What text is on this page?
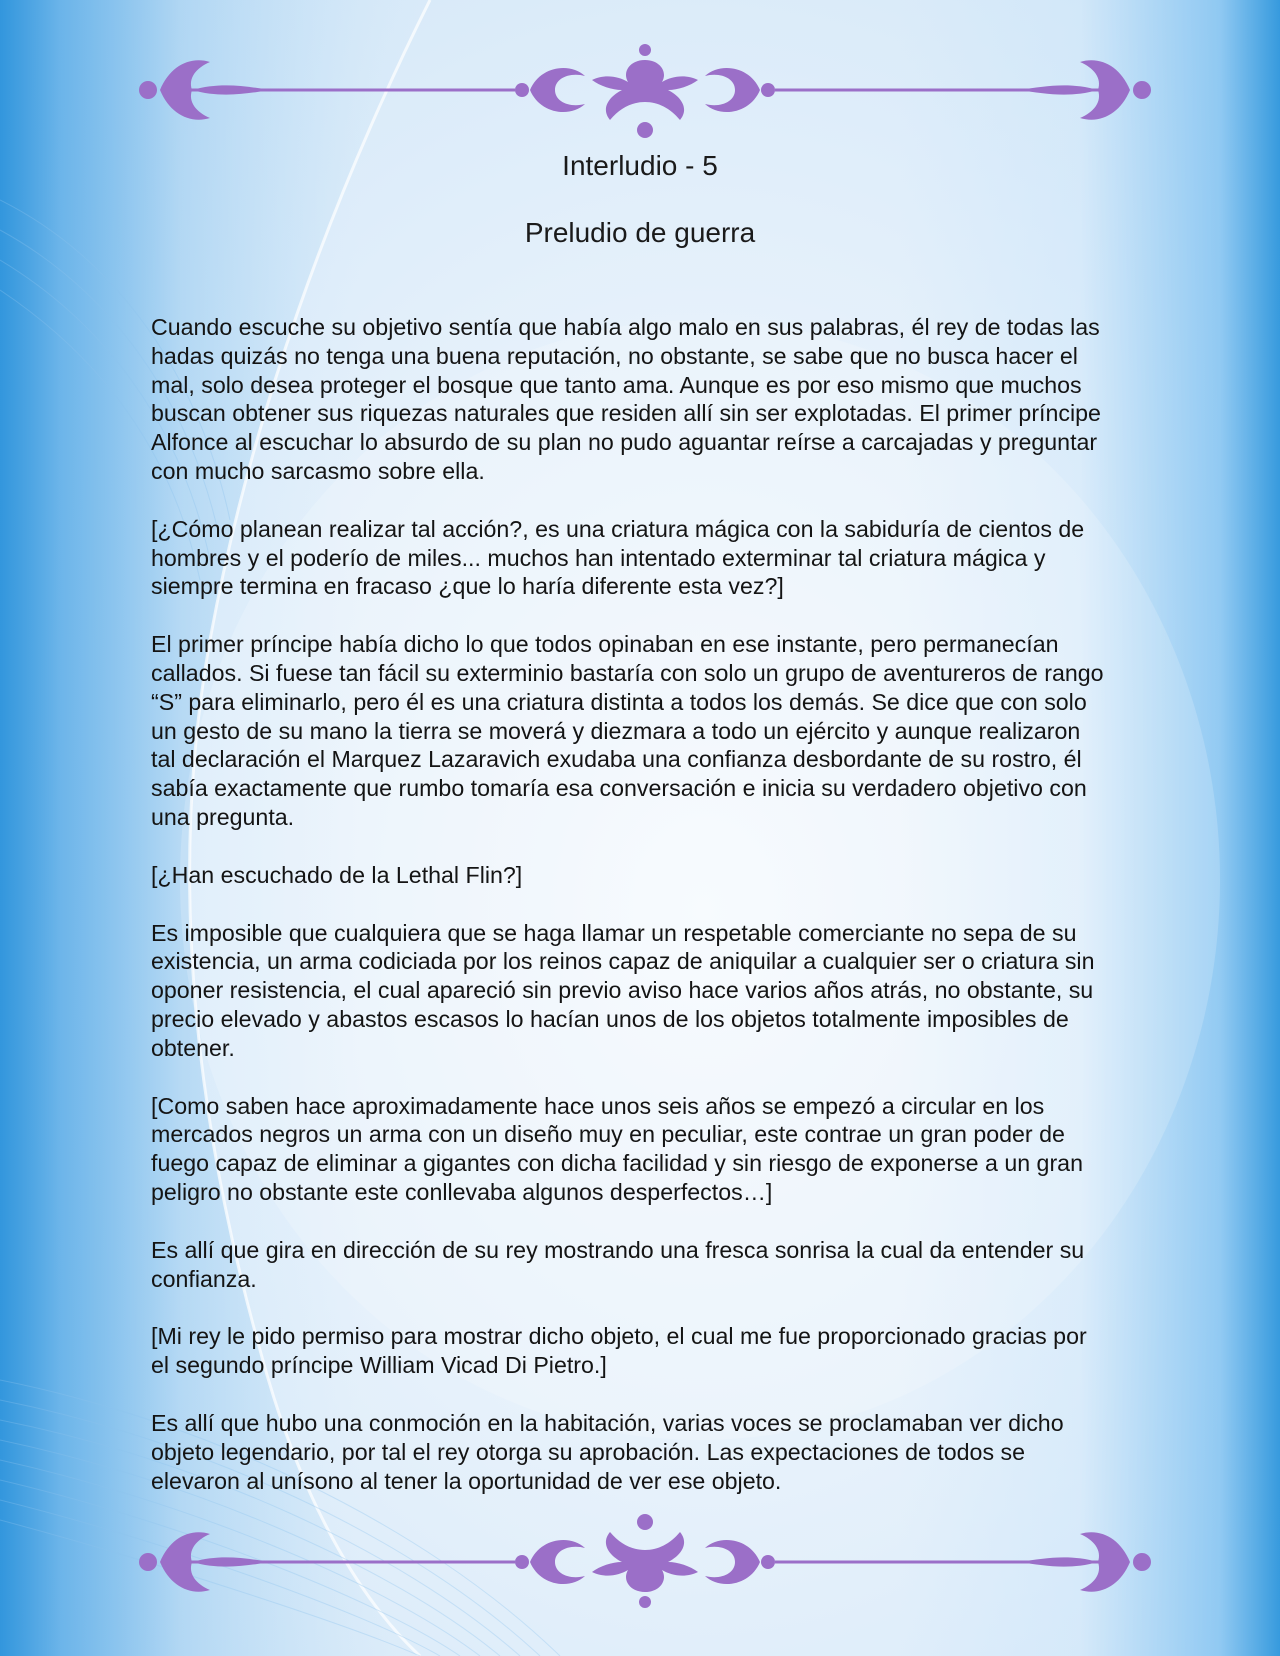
Interludio - 5
Preludio de guerra

Cuando escuche su objetivo sentía que había algo malo en sus palabras, él rey de todas las hadas quizás no tenga una buena reputación, no obstante, se sabe que no busca hacer el mal, solo desea proteger el bosque que tanto ama. Aunque es por eso mismo que muchos buscan obtener sus riquezas naturales que residen allí sin ser explotadas. El primer príncipe Alfonce al escuchar lo absurdo de su plan no pudo aguantar reírse a carcajadas y preguntar con mucho sarcasmo sobre ella.

[¿Cómo planean realizar tal acción?, es una criatura mágica con la sabiduría de cientos de hombres y el poderío de miles... muchos han intentado exterminar tal criatura mágica y siempre termina en fracaso ¿que lo haría diferente esta vez?]

El primer príncipe había dicho lo que todos opinaban en ese instante, pero permanecían callados. Si fuese tan fácil su exterminio bastaría con solo un grupo de aventureros de rango “S” para eliminarlo, pero él es una criatura distinta a todos los demás. Se dice que con solo un gesto de su mano la tierra se moverá y diezmara a todo un ejército y aunque realizaron tal declaración el Marquez Lazaravich exudaba una confianza desbordante de su rostro, él sabía exactamente que rumbo tomaría esa conversación e inicia su verdadero objetivo con una pregunta.

[¿Han escuchado de la Lethal Flin?]

Es imposible que cualquiera que se haga llamar un respetable comerciante no sepa de su existencia, un arma codiciada por los reinos capaz de aniquilar a cualquier ser o criatura sin oponer resistencia, el cual apareció sin previo aviso hace varios años atrás, no obstante, su precio elevado y abastos escasos lo hacían unos de los objetos totalmente imposibles de obtener.

[Como saben hace aproximadamente hace unos seis años se empezó a circular en los mercados negros un arma con un diseño muy en peculiar, este contrae un gran poder de fuego capaz de eliminar a gigantes con dicha facilidad y sin riesgo de exponerse a un gran peligro no obstante este conllevaba algunos desperfectos…]

Es allí que gira en dirección de su rey mostrando una fresca sonrisa la cual da entender su confianza.

[Mi rey le pido permiso para mostrar dicho objeto, el cual me fue proporcionado gracias por el segundo príncipe William Vicad Di Pietro.]

Es allí que hubo una conmoción en la habitación, varias voces se proclamaban ver dicho objeto legendario, por tal el rey otorga su aprobación. Las expectaciones de todos se elevaron al unísono al tener la oportunidad de ver ese objeto.
